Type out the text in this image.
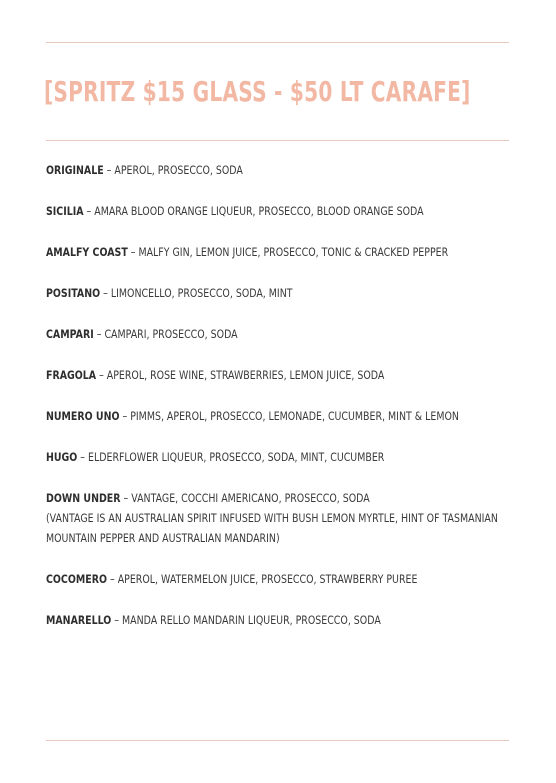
[SPRITZ $15 GLASS - $50 LT CARAFE]
ORIGINALE – APEROL, PROSECCO, SODA
SICILIA – AMARA BLOOD ORANGE LIQUEUR, PROSECCO, BLOOD ORANGE SODA
AMALFY COAST – MALFY GIN, LEMON JUICE, PROSECCO, TONIC & CRACKED PEPPER
POSITANO – LIMONCELLO, PROSECCO, SODA, MINT
CAMPARI – CAMPARI, PROSECCO, SODA
FRAGOLA – APEROL, ROSE WINE, STRAWBERRIES, LEMON JUICE, SODA
NUMERO UNO – PIMMS, APEROL, PROSECCO, LEMONADE, CUCUMBER, MINT & LEMON
HUGO – ELDERFLOWER LIQUEUR, PROSECCO, SODA, MINT, CUCUMBER
DOWN UNDER – VANTAGE, COCCHI AMERICANO, PROSECCO, SODA
(VANTAGE IS AN AUSTRALIAN SPIRIT INFUSED WITH BUSH LEMON MYRTLE, HINT OF TASMANIAN
MOUNTAIN PEPPER AND AUSTRALIAN MANDARIN)
COCOMERO – APEROL, WATERMELON JUICE, PROSECCO, STRAWBERRY PUREE
MANARELLO – MANDA RELLO MANDARIN LIQUEUR, PROSECCO, SODA
